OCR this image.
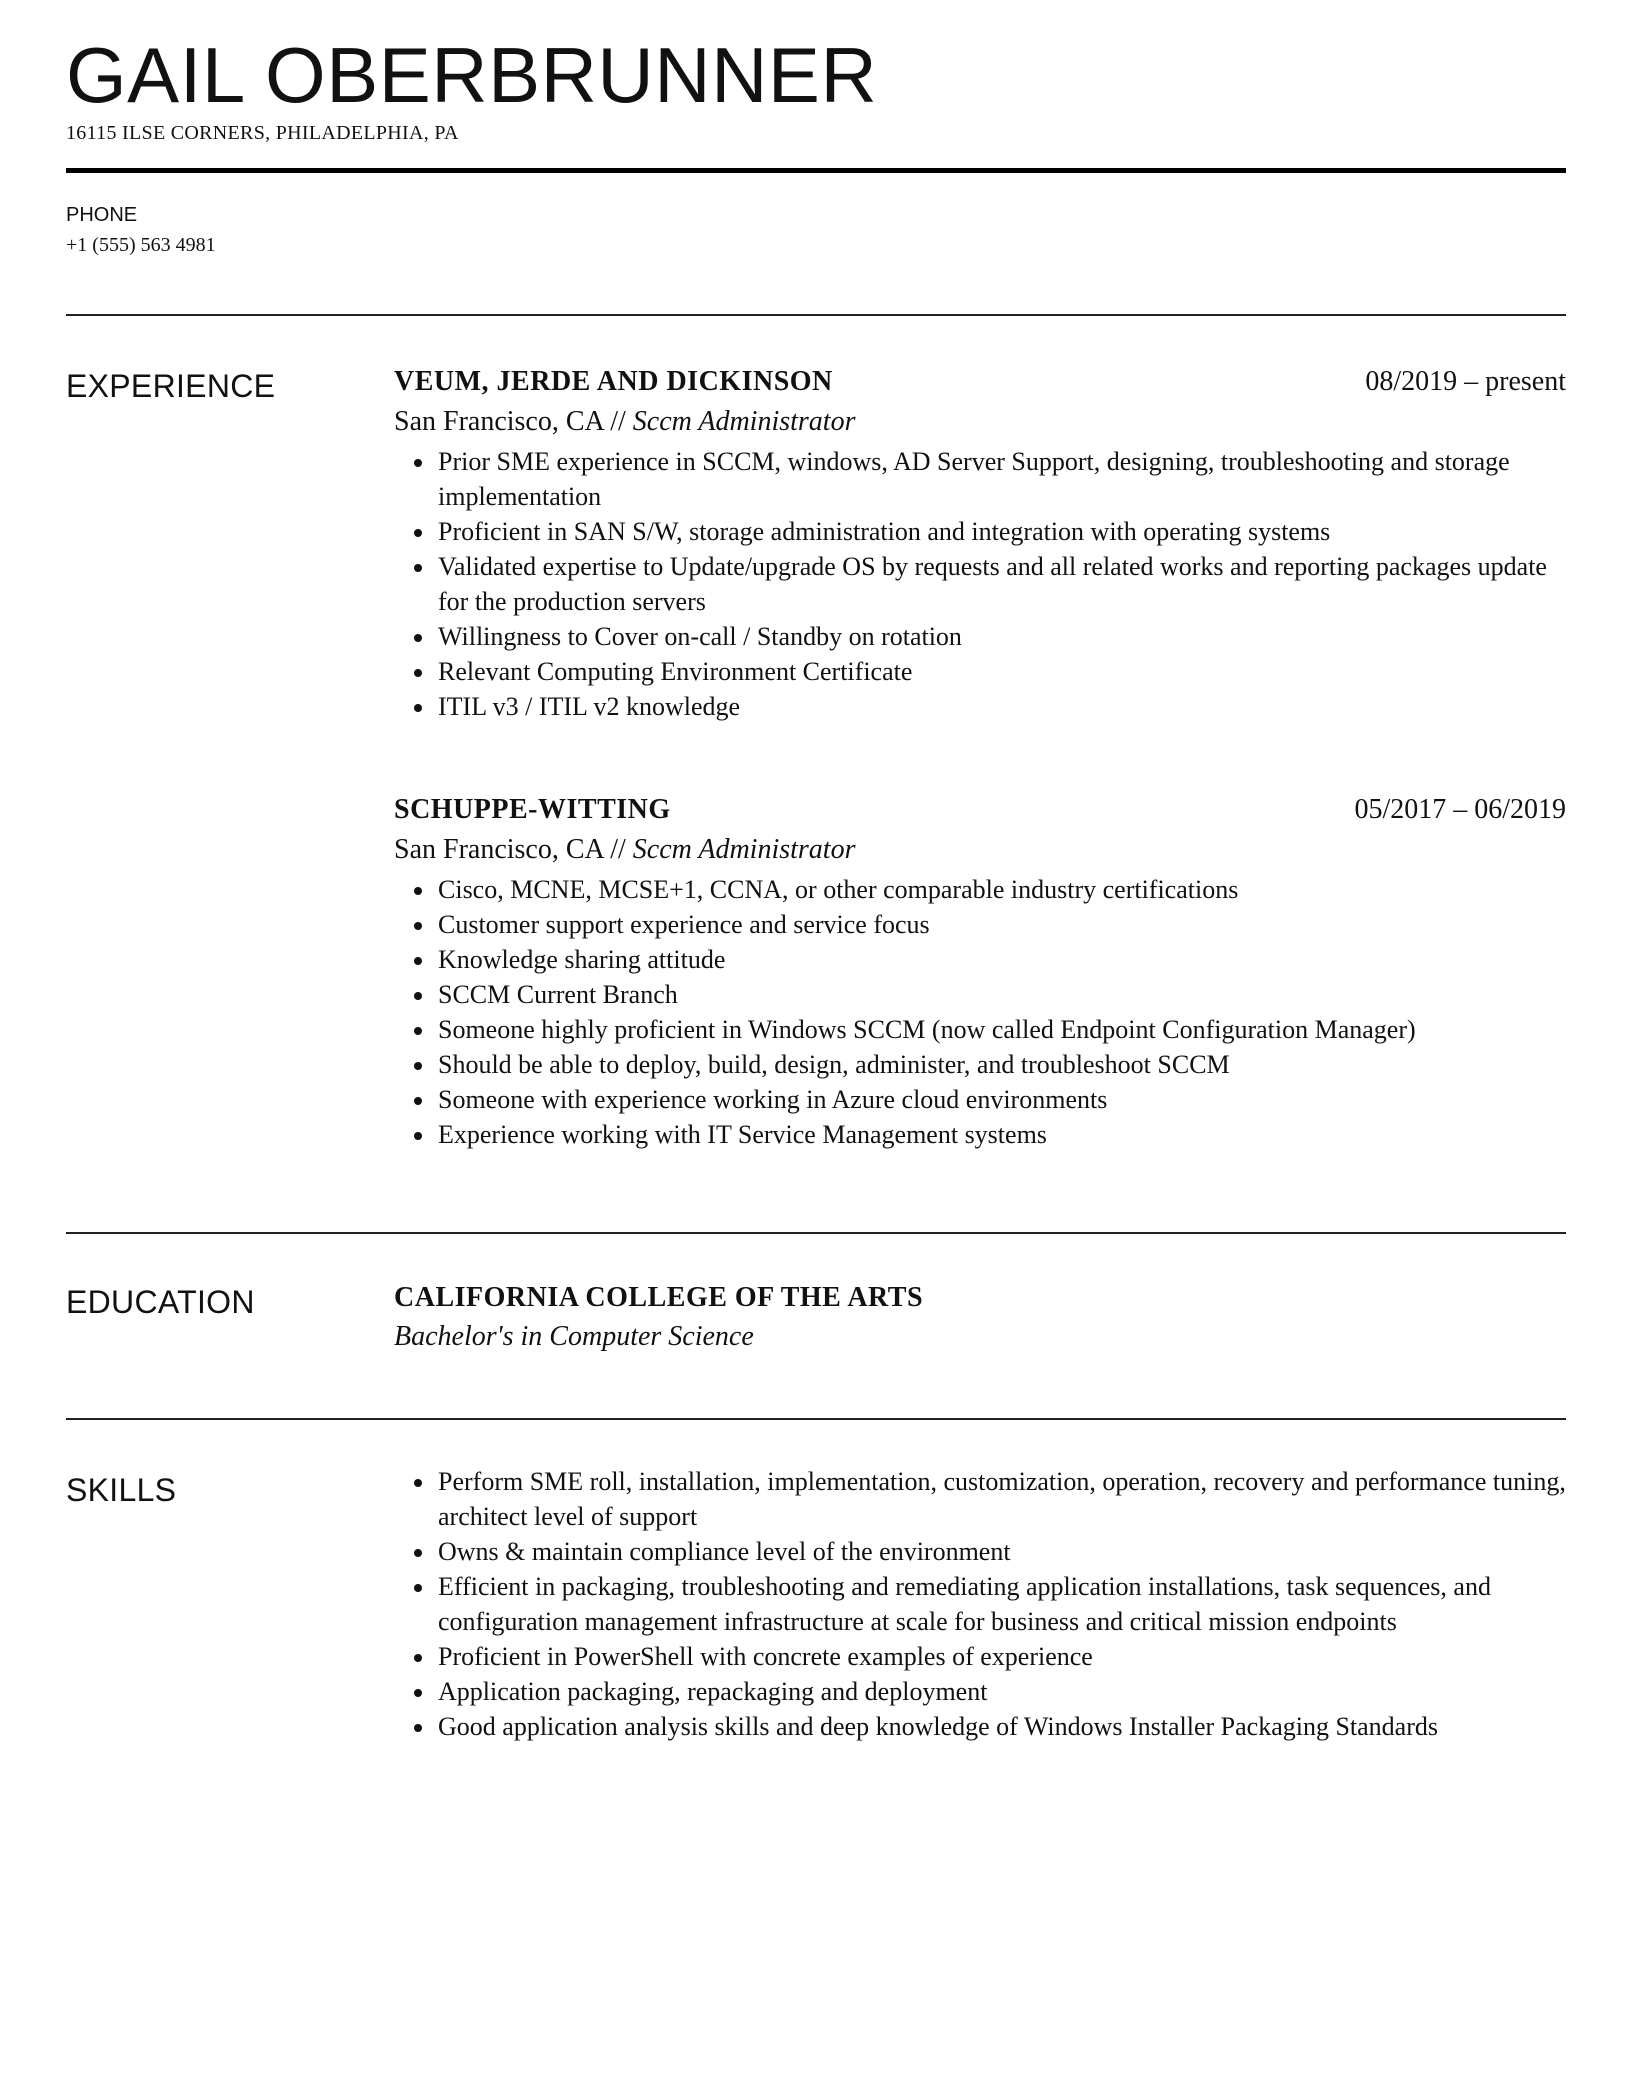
GAIL OBERBRUNNER
16115 ILSE CORNERS, PHILADELPHIA, PA
PHONE
+1 (555) 563 4981
EXPERIENCE	VEUM, JERDE AND DICKINSON	08/2019 – present
San Francisco, CA // Sccm Administrator
• Prior SME experience in SCCM, windows, AD Server Support, designing, troubleshooting and storage implementation
• Proficient in SAN S/W, storage administration and integration with operating systems
• Validated expertise to Update/upgrade OS by requests and all related works and reporting packages update for the production servers
• Willingness to Cover on-call / Standby on rotation
• Relevant Computing Environment Certificate
• ITIL v3 / ITIL v2 knowledge
SCHUPPE-WITTING	05/2017 – 06/2019
San Francisco, CA // Sccm Administrator
• Cisco, MCNE, MCSE+1, CCNA, or other comparable industry certifications
• Customer support experience and service focus
• Knowledge sharing attitude
• SCCM Current Branch
• Someone highly proficient in Windows SCCM (now called Endpoint Configuration Manager)
• Should be able to deploy, build, design, administer, and troubleshoot SCCM
• Someone with experience working in Azure cloud environments
• Experience working with IT Service Management systems
EDUCATION	CALIFORNIA COLLEGE OF THE ARTS
Bachelor's in Computer Science
SKILLS
•	Perform SME roll, installation, implementation, customization, operation, recovery and performance tuning, architect level of support
• Owns & maintain compliance level of the environment
• Efficient in packaging, troubleshooting and remediating application installations, task sequences, and configuration management infrastructure at scale for business and critical mission endpoints
• Proficient in PowerShell with concrete examples of experience
• Application packaging, repackaging and deployment
• Good application analysis skills and deep knowledge of Windows Installer Packaging Standards
